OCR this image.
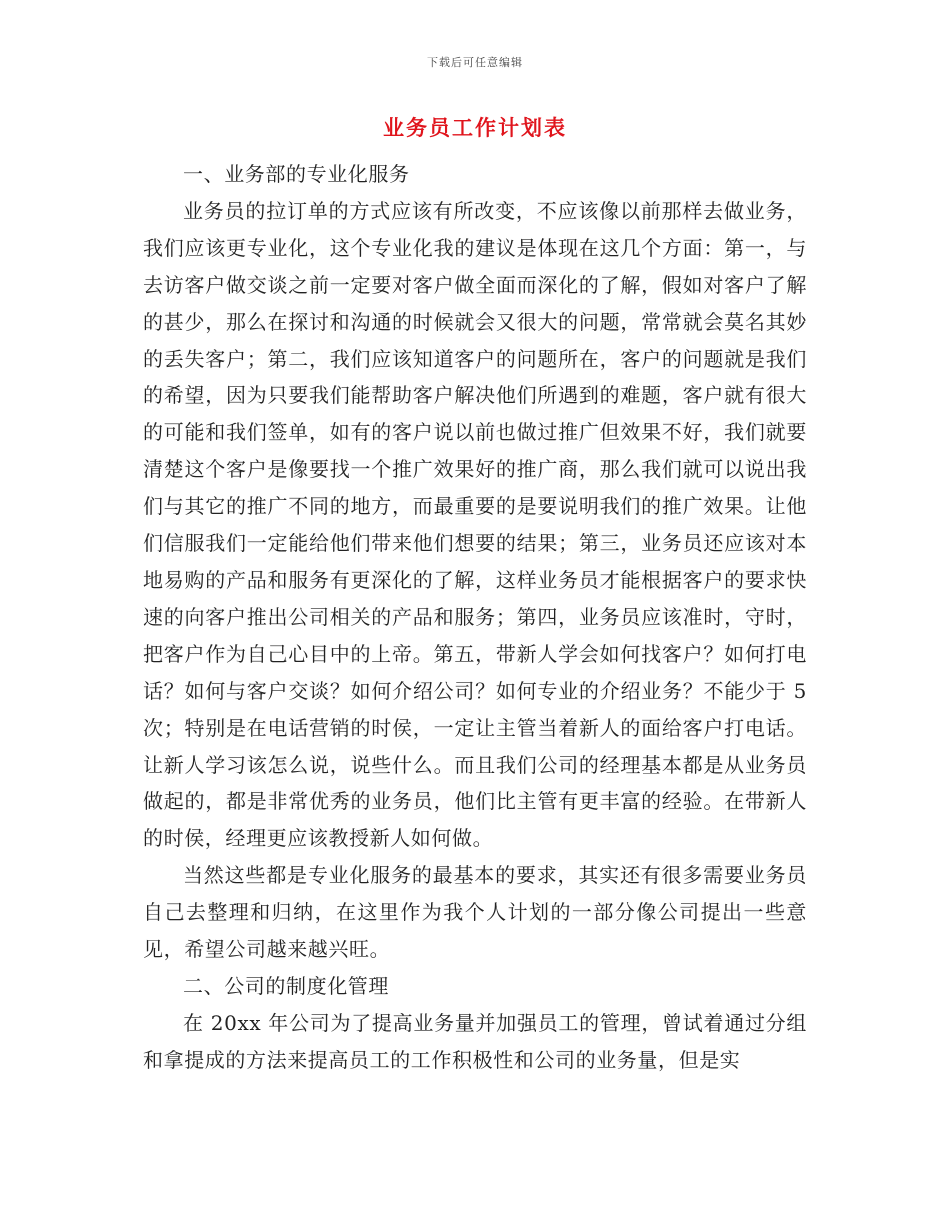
下载后可任意编辑
业务员工作计划表

一、业务部的专业化服务

业务员的拉订单的方式应该有所改变，不应该像以前那样去做业务，我们应该更专业化，这个专业化我的建议是体现在这几个方面：第一，与去访客户做交谈之前一定要对客户做全面而深化的了解，假如对客户了解的甚少，那么在探讨和沟通的时候就会又很大的问题，常常就会莫名其妙的丢失客户；第二，我们应该知道客户的问题所在，客户的问题就是我们的希望，因为只要我们能帮助客户解决他们所遇到的难题，客户就有很大的可能和我们签单，如有的客户说以前也做过推广但效果不好，我们就要清楚这个客户是像要找一个推广效果好的推广商，那么我们就可以说出我们与其它的推广不同的地方，而最重要的是要说明我们的推广效果。让他们信服我们一定能给他们带来他们想要的结果；第三，业务员还应该对本地易购的产品和服务有更深化的了解，这样业务员才能根据客户的要求快速的向客户推出公司相关的产品和服务；第四，业务员应该准时，守时，把客户作为自己心目中的上帝。第五，带新人学会如何找客户？如何打电话？如何与客户交谈？如何介绍公司？如何专业的介绍业务？不能少于 5 次；特别是在电话营销的时侯，一定让主管当着新人的面给客户打电话。让新人学习该怎么说，说些什么。而且我们公司的经理基本都是从业务员做起的，都是非常优秀的业务员，他们比主管有更丰富的经验。在带新人的时侯，经理更应该教授新人如何做。

当然这些都是专业化服务的最基本的要求，其实还有很多需要业务员自己去整理和归纳，在这里作为我个人计划的一部分像公司提出一些意见，希望公司越来越兴旺。

二、公司的制度化管理

在 20xx 年公司为了提高业务量并加强员工的管理，曾试着通过分组和拿提成的方法来提高员工的工作积极性和公司的业务量，但是实
